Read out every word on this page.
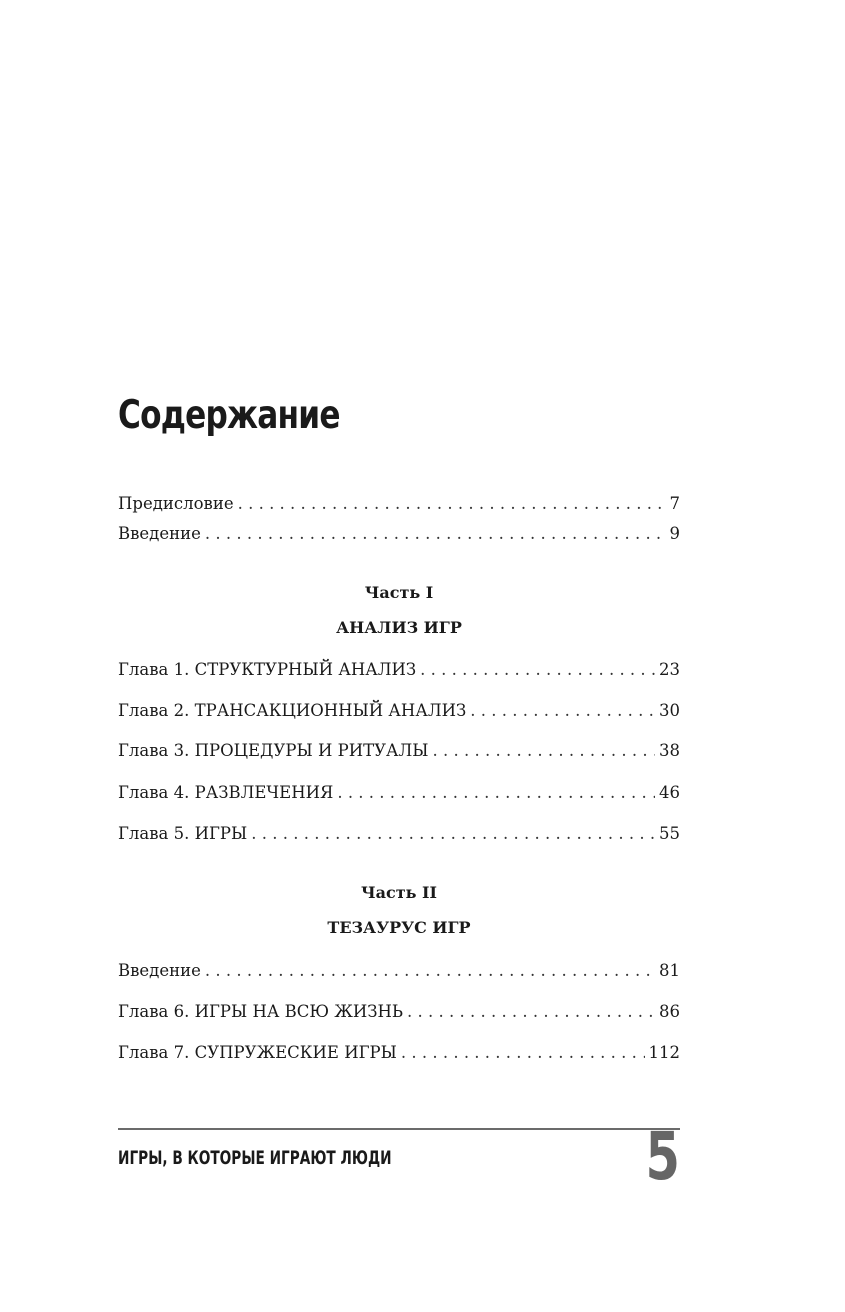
Содержание
Предисловие . . .	7
Введение . . .	9
Часть I
АНАЛИЗ ИГР
Глава 1. СТРУКТУРНЫЙ АНАЛИЗ . . .	23
Глава 2. ТРАНСАКЦИОННЫЙ АНАЛИЗ . . .	30
Глава 3. ПРОЦЕДУРЫ И РИТУАЛЫ . . .	38
Глава 4. РАЗВЛЕЧЕНИЯ . . .	46
Глава 5. ИГРЫ . . .	55
Часть II
ТЕЗАУРУС ИГР
Введение . . .	81
Глава 6. ИГРЫ НА ВСЮ ЖИЗНЬ . . .	86
Глава 7. СУПРУЖЕСКИЕ ИГРЫ . . .	112
ИГРЫ, В КОТОРЫЕ ИГРАЮТ ЛЮДИ	5
